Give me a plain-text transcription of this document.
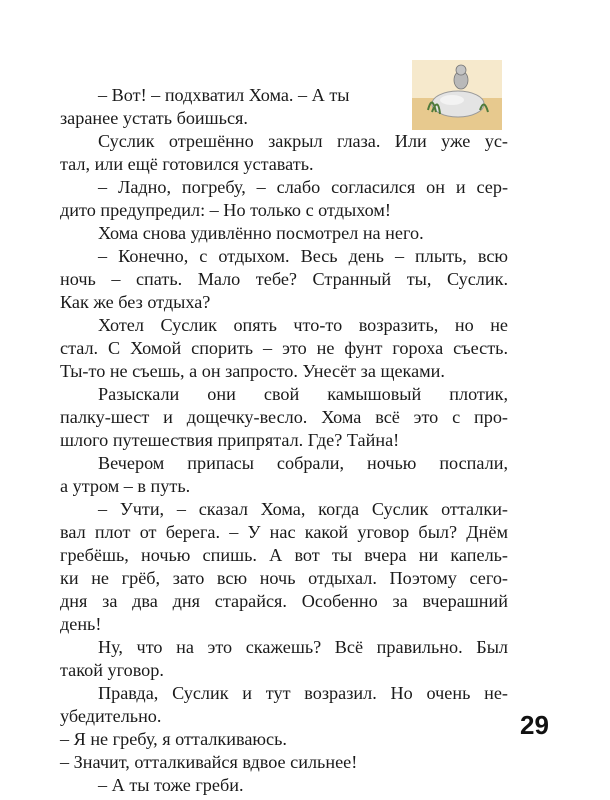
– Вот! – подхватил Хома. – А ты
заранее устать боишься.
Суслик отрешённо закрыл глаза. Или уже ус-
тал, или ещё готовился уставать.
– Ладно, погребу, – слабо согласился он и сер-
дито предупредил: – Но только с отдыхом!
Хома снова удивлённо посмотрел на него.
– Конечно, с отдыхом. Весь день – плыть, всю
ночь – спать. Мало тебе? Странный ты, Суслик.
Как же без отдыха?
Хотел Суслик опять что-то возразить, но не
стал. С Хомой спорить – это не фунт гороха съесть.
Ты-то не съешь, а он запросто. Унесёт за щеками.
Разыскали они свой камышовый плотик,
палку-шест и дощечку-весло. Хома всё это с про-
шлого путешествия припрятал. Где? Тайна!
Вечером припасы собрали, ночью поспали,
а утром – в путь.
– Учти, – сказал Хома, когда Суслик отталки-
вал плот от берега. – У нас какой уговор был? Днём
гребёшь, ночью спишь. А вот ты вчера ни капель-
ки не грёб, зато всю ночь отдыхал. Поэтому сего-
дня за два дня старайся. Особенно за вчерашний
день!
Ну, что на это скажешь? Всё правильно. Был
такой уговор.
Правда, Суслик и тут возразил. Но очень не-
убедительно.
– Я не гребу, я отталкиваюсь.
– Значит, отталкивайся вдвое сильнее!
– А ты тоже греби.
29
